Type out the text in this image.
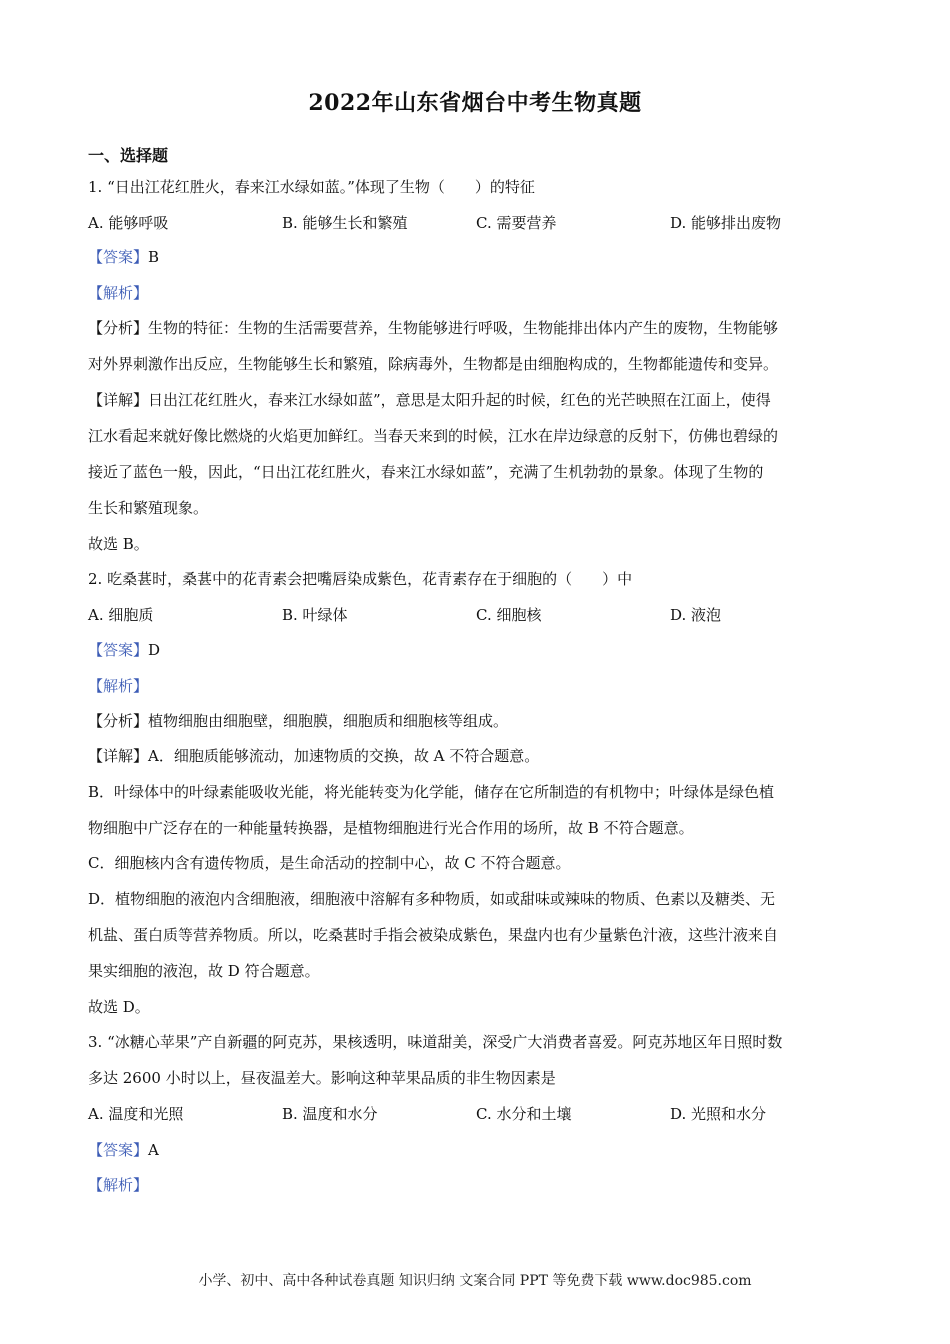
2022年山东省烟台中考生物真题
一、选择题
1. “日出江花红胜火，春来江水绿如蓝。”体现了生物（　　）的特征
A. 能够呼吸	B. 能够生长和繁殖	C. 需要营养	D. 能够排出废物
【答案】B
【解析】
【分析】生物的特征：生物的生活需要营养，生物能够进行呼吸，生物能排出体内产生的废物，生物能够
对外界刺激作出反应，生物能够生长和繁殖，除病毒外，生物都是由细胞构成的，生物都能遗传和变异。
【详解】日出江花红胜火，春来江水绿如蓝”，意思是太阳升起的时候，红色的光芒映照在江面上，使得
江水看起来就好像比燃烧的火焰更加鲜红。当春天来到的时候，江水在岸边绿意的反射下，仿佛也碧绿的
接近了蓝色一般，因此，“日出江花红胜火，春来江水绿如蓝”，充满了生机勃勃的景象。体现了生物的
生长和繁殖现象。
故选 B。
2. 吃桑葚时，桑葚中的花青素会把嘴唇染成紫色，花青素存在于细胞的（　　）中
A. 细胞质	B. 叶绿体	C. 细胞核	D. 液泡
【答案】D
【解析】
【分析】植物细胞由细胞壁，细胞膜，细胞质和细胞核等组成。
【详解】A．细胞质能够流动，加速物质的交换，故 A 不符合题意。
B．叶绿体中的叶绿素能吸收光能，将光能转变为化学能，储存在它所制造的有机物中；叶绿体是绿色植
物细胞中广泛存在的一种能量转换器，是植物细胞进行光合作用的场所，故 B 不符合题意。
C．细胞核内含有遗传物质，是生命活动的控制中心，故 C 不符合题意。
D．植物细胞的液泡内含细胞液，细胞液中溶解有多种物质，如或甜味或辣味的物质、色素以及糖类、无
机盐、蛋白质等营养物质。所以，吃桑葚时手指会被染成紫色，果盘内也有少量紫色汁液，这些汁液来自
果实细胞的液泡，故 D 符合题意。
故选 D。
3. “冰糖心苹果”产自新疆的阿克苏，果核透明，味道甜美，深受广大消费者喜爱。阿克苏地区年日照时数
多达 2600 小时以上，昼夜温差大。影响这种苹果品质的非生物因素是
A. 温度和光照	B. 温度和水分	C. 水分和土壤	D. 光照和水分
【答案】A
【解析】
小学、初中、高中各种试卷真题 知识归纳 文案合同 PPT 等免费下载 www.doc985.com
